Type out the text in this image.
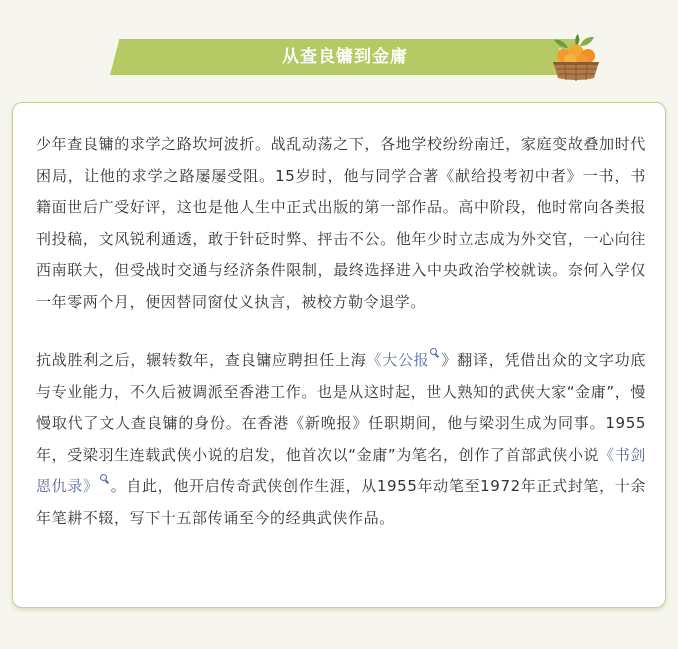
从查良镛到金庸

少年查良镛的求学之路坎坷波折。战乱动荡之下，各地学校纷纷南迁，家庭变故叠加时代困局，让他的求学之路屡屡受阻。15岁时，他与同学合著《献给投考初中者》一书，书籍面世后广受好评，这也是他人生中正式出版的第一部作品。高中阶段，他时常向各类报刊投稿，文风锐利通透，敢于针砭时弊、抨击不公。他年少时立志成为外交官，一心向往西南联大，但受战时交通与经济条件限制，最终选择进入中央政治学校就读。奈何入学仅一年零两个月，便因替同窗仗义执言，被校方勒令退学。

抗战胜利之后，辗转数年，查良镛应聘担任上海《大公报 》翻译，凭借出众的文字功底与专业能力，不久后被调派至香港工作。也是从这时起，世人熟知的武侠大家“金庸”，慢慢取代了文人查良镛的身份。在香港《新晚报》任职期间，他与梁羽生成为同事。1955年，受梁羽生连载武侠小说的启发，他首次以“金庸”为笔名，创作了首部武侠小说《书剑恩仇录》 。自此，他开启传奇武侠创作生涯，从1955年动笔至1972年正式封笔，十余年笔耕不辍，写下十五部传诵至今的经典武侠作品。
